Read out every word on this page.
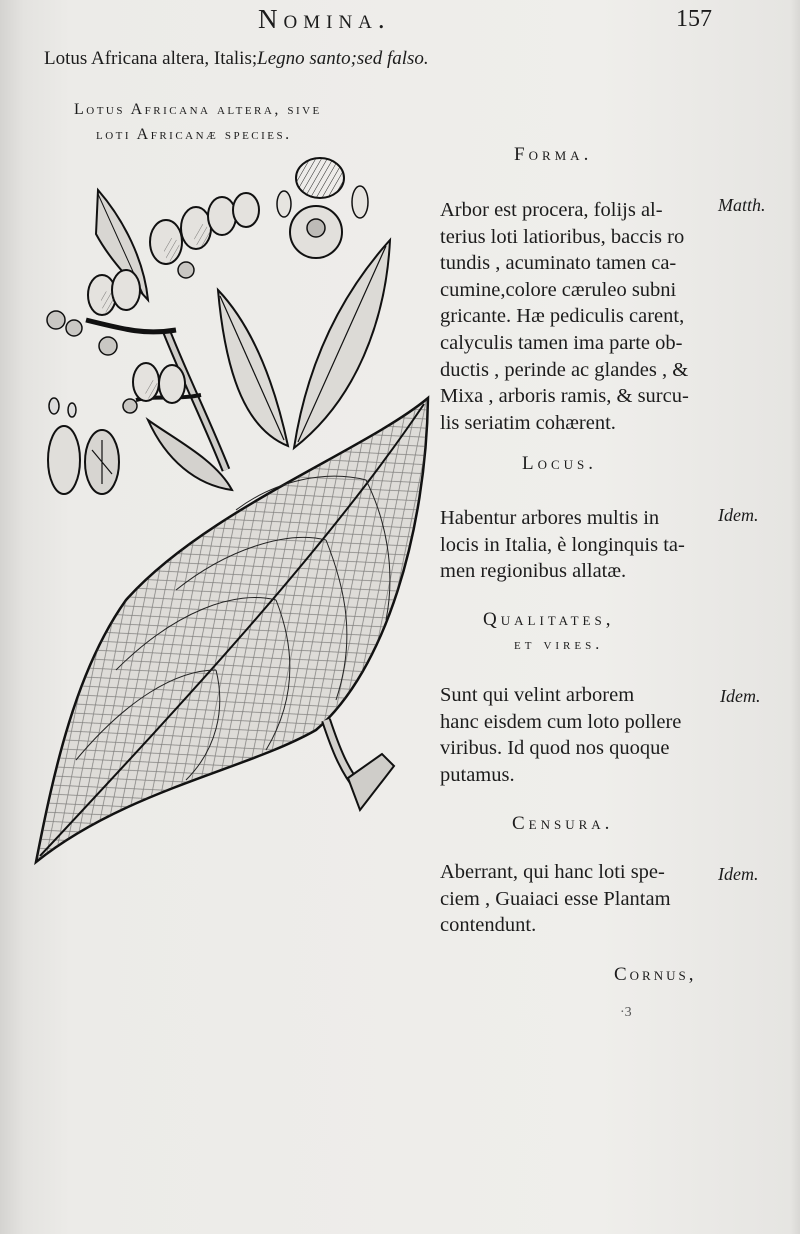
Nomina.	157

Lotus Africana altera, Italis;Legno santo;sed falso.

Lotus Africana altera, sive

loti Africanæ species.

Forma.

Arbor est procera, folijs al-
terius loti latioribus, baccis ro
tundis , acuminato tamen ca-
cumine,colore cæruleo subni
gricante. Hæ pediculis carent,
calyculis tamen ima parte ob-
ductis , perinde ac glandes , &
Mixa , arboris ramis, & surcu-
lis seriatim cohærent.

Matth.

Locus.

Habentur arbores multis in
locis in Italia, è longinquis ta-
men regionibus allatæ.

Idem.

Qualitates,

et vires.

Sunt qui velint arborem
hanc eisdem cum loto pollere
viribus. Id quod nos quoque
putamus.

Idem.

Censura.

Aberrant, qui hanc loti spe-
ciem , Guaiaci esse Plantam
contendunt.

Idem.

Cornus,

·3
